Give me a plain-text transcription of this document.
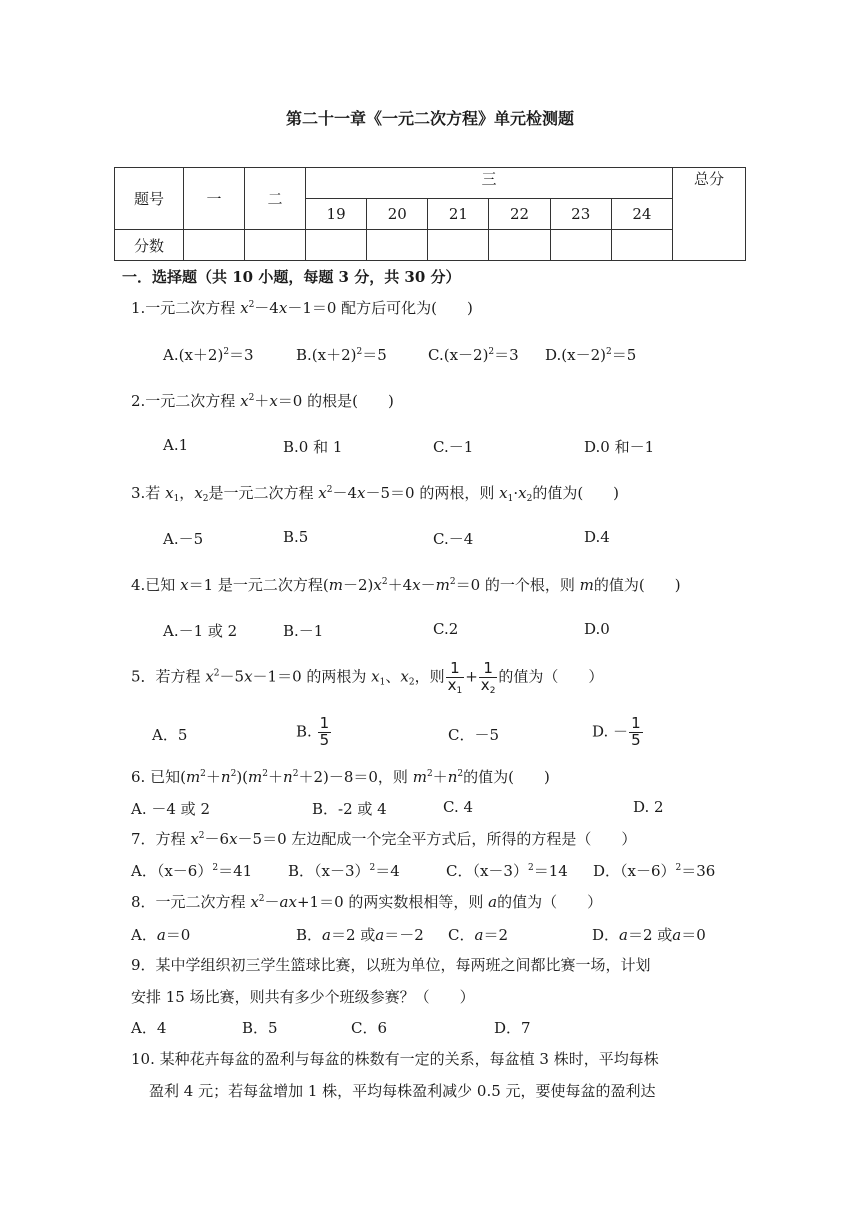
第二十一章《一元二次方程》单元检测题
题号	一	二	三						总分
			19	20	21	22	23	24	
分数									
一．选择题（共 10 小题，每题 3 分，共 30 分）
1.一元二次方程 $x^2-4x-1=0$ 配方后可化为(　　)
$A.(x+2)^2=3$	$B.(x+2)^2=5$	$C.(x-2)^2=3$ $D.(x-2)^2=5$
2.一元二次方程 $x^2+x=0$ 的根是(　　)
A.1	B.0 和 1	C.－1	D.0 和－1
3.若 $x_1$，$x_2$是一元二次方程 $x^2-4x-5=0$ 的两根，则 $x_1\cdot x_2$的值为(　　)
A.－5	B.5	C.－4	D.4
4.已知 x＝1 是一元二次方程$(m-2)x^2+4x-m^2=0$ 的一个根，则 m的值为(　　)
A.－1 或 2	B.－1	C.2	D.0
5．若方程 $x^2-5x-1=0$ 的两根为 $x_1$、$x_2$，则 $\frac{1}{x_1} + \frac{1}{x_2}$ 的值为（　　）
A．5	B. $\frac{1}{5}$	C．－5	D. － $\frac{1}{5}$
6. 已知$(m^2+n^2)(m^2+n^2+2)-8=0$，则 $m^2+n^2$的值为(　　)
A. －4 或 2	B．-2 或 4	C. 4	D. 2
7．方程 $x^2-6x-5=0$ 左边配成一个完全平方式后，所得的方程是（　　）
A．$(x-6)^2=41$ B．$(x-3)^2=4$	C．$(x-3)^2=14$ D．$(x-6)^2=36$
8．一元二次方程 $x^2-ax+1=0$ 的两实数根相等，则 a的值为（　　）
A．a＝0	B．a＝2 或a＝－2 C．a＝2	D．a＝2 或a＝0
9．某中学组织初三学生篮球比赛，以班为单位，每两班之间都比赛一场，计划
安排 15 场比赛，则共有多少个班级参赛？（　　）
A．4	B．5	C．6	D．7
10. 某种花卉每盆的盈利与每盆的株数有一定的关系，每盆植 3 株时，平均每株
盈利 4 元；若每盆增加 1 株，平均每株盈利减少 0.5 元，要使每盆的盈利达
